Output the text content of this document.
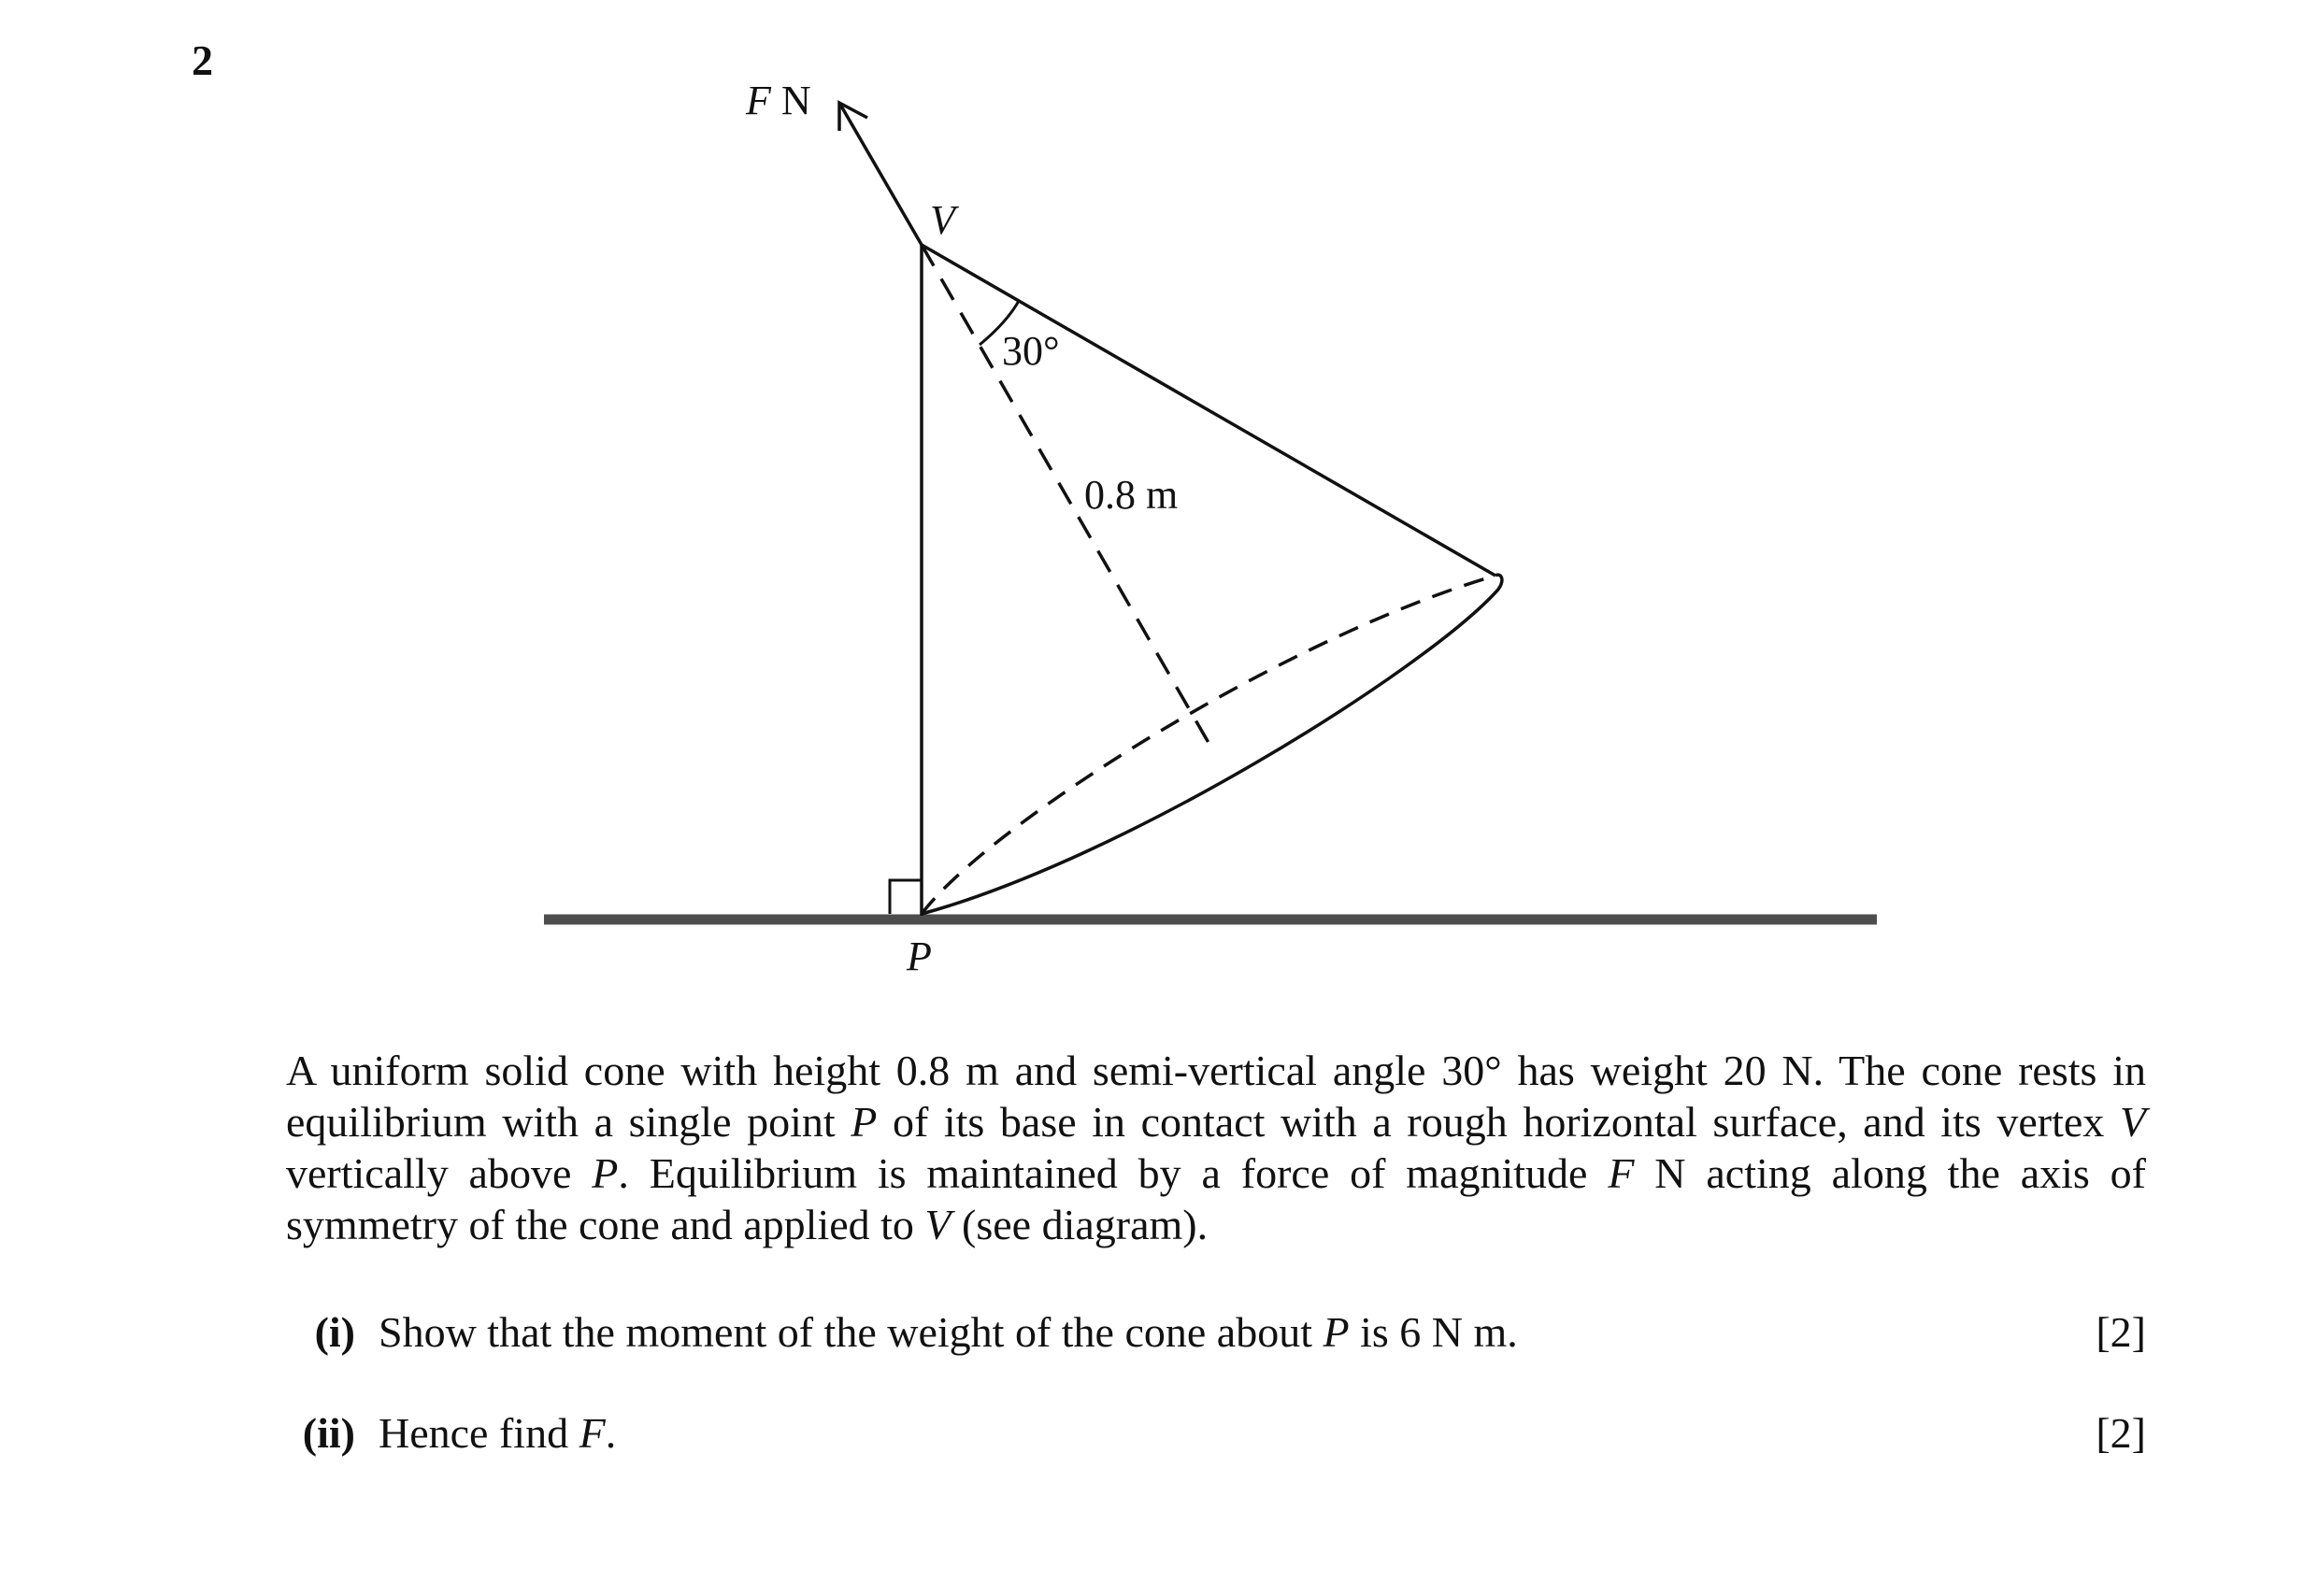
2
F N
V
P
30°
0.8 m

A uniform solid cone with height 0.8 m and semi-vertical angle 30° has weight 20 N. The cone rests in equilibrium with a single point P of its base in contact with a rough horizontal surface, and its vertex V vertically above P. Equilibrium is maintained by a force of magnitude F N acting along the axis of symmetry of the cone and applied to V (see diagram).

(i) Show that the moment of the weight of the cone about P is 6 N m.	[2]
(ii) Hence find F.	[2]
